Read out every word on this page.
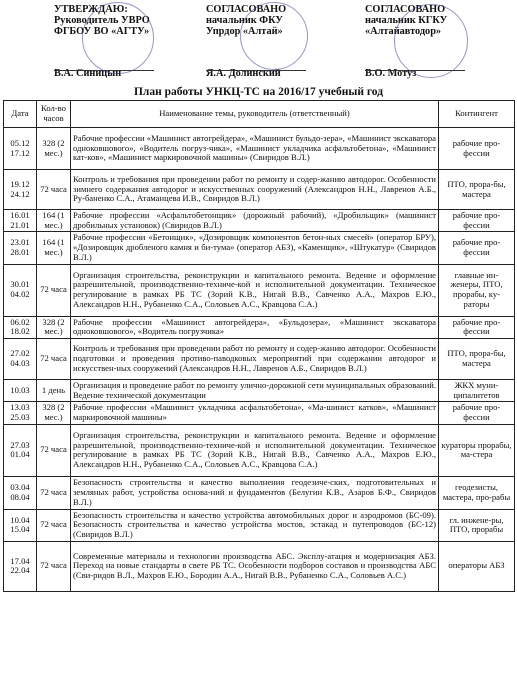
УТВЕРЖДАЮ:
Руководитель УВРО
ФГБОУ ВО «АГТУ»
В.А. Синицын
СОГЛАСОВАНО
начальник ФКУ
Упрдор «Алтай»
Я.А. Долинский
СОГЛАСОВАНО
начальник КГКУ
«Алтайавтодор»
В.О. Мотуз
План работы УНКЦ-ТС на 2016/17 учебный год
Дата	Кол-во часов	Наименование темы, руководитель (ответственный)	Контингент
05.12 17.12	328 (2 мес.)	Рабочие профессии «Машинист автогрейдера», «Машинист бульдо-зера», «Машинист экскаватора одноковшового», «Водитель погруз-чика», «Машинист укладчика асфальтобетона», «Машинист кат-ков», «Машинист маркировочной машины» (Свиридов В.Л.)	рабочие про-фессии
19.12 24.12	72 часа	Контроль и требования при проведении работ по ремонту и содер-жанию автодорог. Особенности зимнего содержания автодорог и искусственных сооружений (Александров Н.Н., Лавренов А.Б., Ру-баненко С.А., Атаманцева И.В., Свиридов В.Л.)	ПТО, прора-бы, мастера
16.01 21.01	164 (1 мес.)	Рабочие профессии «Асфальтобетонщик» (дорожный рабочий), «Дробильщик» (машинист дробильных установок) (Свиридов В.Л.)	рабочие про-фессии
23.01 28.01	164 (1 мес.)	Рабочие профессии «Бетонщик», «Дозировщик компонентов бетон-ных смесей» (оператор БРУ), «Дозировщик дробленого камня и би-тума» (оператор АБЗ), «Каменщик», «Штукатур» (Свиридов В.Л.)	рабочие про-фессии
30.01 04.02	72 часа	Организация строительства, реконструкции и капитального ремонта. Ведение и оформление разрешительной, производственно-техниче-кой и исполнительной документации. Техническое регулирование в рамках РБ ТС (Зорий К.В., Нигай В.В., Савченко А.А., Махров Е.Ю., Александров Н.Н., Рубаненко С.А., Соловьев А.С., Кравцова С.А.)	главные ин-женеры, ПТО, прорабы, ку-раторы
06.02 18.02	328 (2 мес.)	Рабочие профессии «Машинист автогрейдера», «Бульдозера», «Машинист экскаватора одноковшового», «Водитель погрузчика»	рабочие про-фессии
27.02 04.03	72 часа	Контроль и требования при проведении работ по ремонту и содер-жанию автодорог. Особенности подготовки и проведения противо-паводковых мероприятий при содержании автодорог и искусствен-ных сооружений (Александров Н.Н., Лавренов А.Б., Свиридов В.Л.)	ПТО, прора-бы, мастера
10.03	1 день	Организация и проведение работ по ремонту улично-дорожной сети муниципальных образований. Ведение технической документации	ЖКХ муни-ципалитетов
13.03 25.03	328 (2 мес.)	Рабочие профессии «Машинист укладчика асфальтобетона», «Ма-шинист катков», «Машинист маркировочной машины»	рабочие про-фессии
27.03 01.04	72 часа	Организация строительства, реконструкции и капитального ремонта. Ведение и оформление разрешительной, производственно-техниче-кой и исполнительной документации. Техническое регулирование в рамках РБ ТС (Зорий К.В., Нигай В.В., Савченко А.А., Махров Е.Ю., Александров Н.Н., Рубаненко С.А., Соловьев А.С., Кравцова С.А.)	кураторы прорабы, ма-стера
03.04 08.04	72 часа	Безопасность строительства и качество выполнения геодезиче-ских, подготовительных и земляных работ, устройства основа-ний и фундаментов (Белугин К.В., Азаров Б.Ф., Свиридов В.Л.)	геодезисты, мастера, про-рабы
10.04 15.04	72 часа	Безопасность строительства и качество устройства автомобильных дорог и аэродромов (БС-09). Безопасность строительства и качество устройства мостов, эстакад и путепроводов (БС-12) (Свиридов В.Л.)	гл. инжене-ры, ПТО, прорабы
17.04 22.04	72 часа	Современные материалы и технологии производства АБС. Эксплу-атация и модернизация АБЗ. Переход на новые стандарты в свете РБ ТС. Особенности подборов составов и производства АБС (Сви-ридов В.Л., Махров Е.Ю., Бородин А.А., Нигай В.В., Рубаненко С.А., Соловьев А.С.)	операторы АБЗ
